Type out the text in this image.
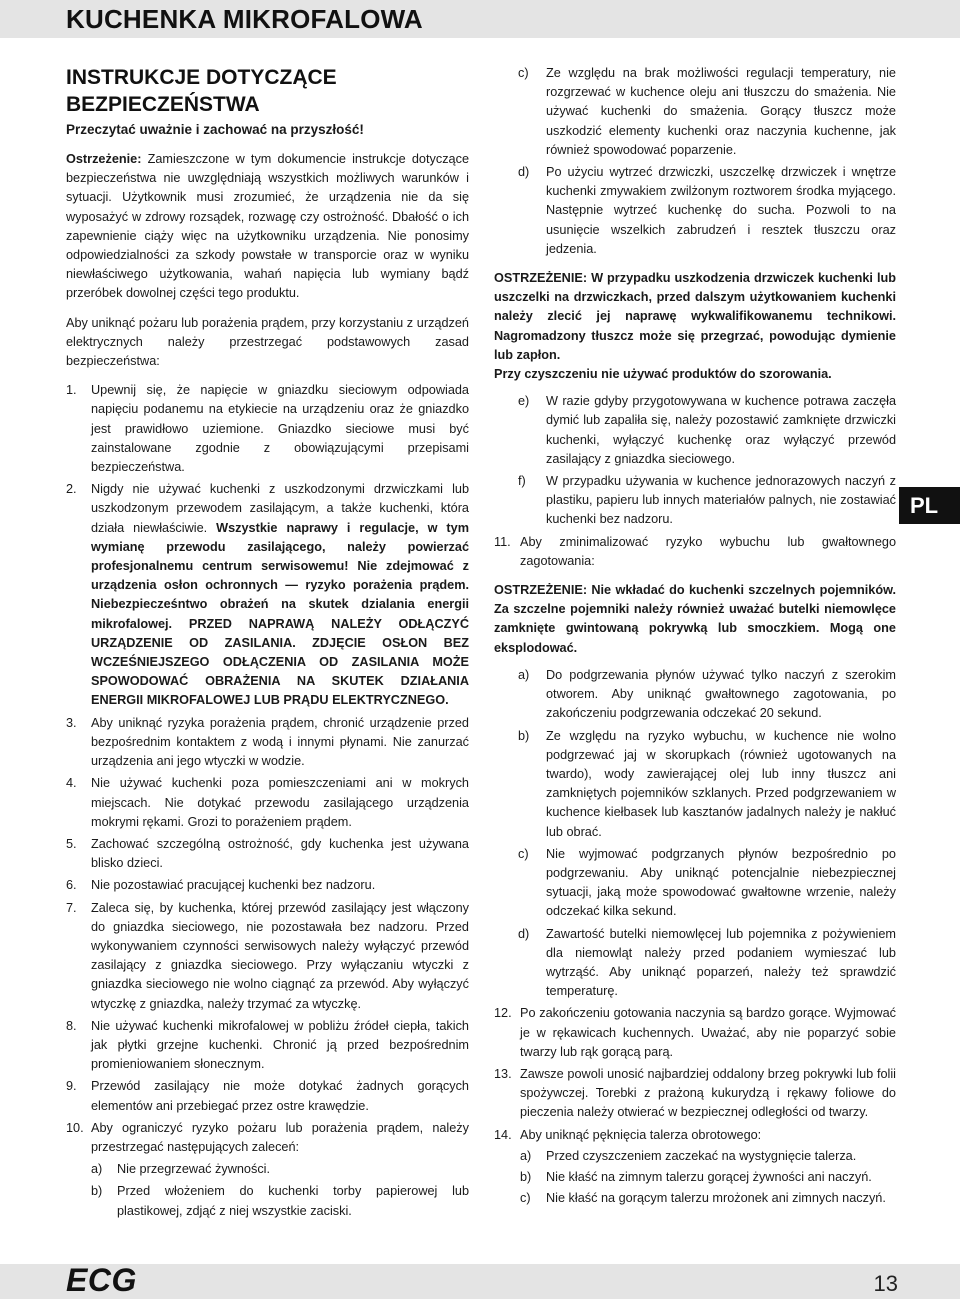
KUCHENKA MIKROFALOWA
PL
INSTRUKCJE DOTYCZĄCE
BEZPIECZEŃSTWA
Przeczytać uważnie i zachować na przyszłość!
Ostrzeżenie: Zamieszczone w tym dokumencie instrukcje dotyczące bezpieczeństwa nie uwzględniają wszystkich możliwych warunków i sytuacji. Użytkownik musi zrozumieć, że urządzenia nie da się wyposażyć w zdrowy rozsądek, rozwagę czy ostrożność. Dbałość o ich zapewnienie ciąży więc na użytkowniku urządzenia. Nie ponosimy odpowiedzialności za szkody powstałe w transporcie oraz w wyniku niewłaściwego użytkowania, wahań napięcia lub wymiany bądź przeróbek dowolnej części tego produktu.
Aby uniknąć pożaru lub porażenia prądem, przy korzystaniu z urządzeń elektrycznych należy przestrzegać podstawowych zasad bezpieczeństwa:
1.	Upewnij się, że napięcie w gniazdku sieciowym odpowiada napięciu podanemu na etykiecie na urządzeniu oraz że gniazdko jest prawidłowo uziemione. Gniazdko sieciowe musi być zainstalowane zgodnie z obowiązującymi przepisami bezpieczeństwa.
2.	Nigdy nie używać kuchenki z uszkodzonymi drzwiczkami lub uszkodzonym przewodem zasilającym, a także kuchenki, która działa niewłaściwie. Wszystkie naprawy i regulacje, w tym wymianę przewodu zasilającego, należy powierzać profesjonalnemu centrum serwisowemu! Nie zdejmować z urządzenia osłon ochronnych — ryzyko porażenia prądem. Niebezpiecześntwo obrażeń na skutek dzialania energii mikrofalowej. PRZED NAPRAWĄ NALEŻY ODŁĄCZYĆ URZĄDZENIE OD ZASILANIA. ZDJĘCIE OSŁON BEZ WCZEŚNIEJSZEGO ODŁĄCZENIA OD ZASILANIA MOŻE SPOWODOWAĆ OBRAŻENIA NA SKUTEK DZIAŁANIA ENERGII MIKROFALOWEJ LUB PRĄDU ELEKTRYCZNEGO.
3.	Aby uniknąć ryzyka porażenia prądem, chronić urządzenie przed bezpośrednim kontaktem z wodą i innymi płynami. Nie zanurzać urządzenia ani jego wtyczki w wodzie.
4.	Nie używać kuchenki poza pomieszczeniami ani w mokrych miejscach. Nie dotykać przewodu zasilającego urządzenia mokrymi rękami. Grozi to porażeniem prądem.
5.	Zachować szczególną ostrożność, gdy kuchenka jest używana blisko dzieci.
6.	Nie pozostawiać pracującej kuchenki bez nadzoru.
7.	Zaleca się, by kuchenka, której przewód zasilający jest włączony do gniazdka sieciowego, nie pozostawała bez nadzoru. Przed wykonywaniem czynności serwisowych należy wyłączyć przewód zasilający z gniazdka sieciowego. Przy wyłączaniu wtyczki z gniazdka sieciowego nie wolno ciągnąć za przewód. Aby wyłączyć wtyczkę z gniazdka, należy trzymać za wtyczkę.
8.	Nie używać kuchenki mikrofalowej w pobliżu źródeł ciepła, takich jak płytki grzejne kuchenki. Chronić ją przed bezpośrednim promieniowaniem słonecznym.
9.	Przewód zasilający nie może dotykać żadnych gorących elementów ani przebiegać przez ostre krawędzie.
10. Aby ograniczyć ryzyko pożaru lub porażenia prądem, należy przestrzegać następujących zaleceń:
a)	Nie przegrzewać żywności.
b)	Przed włożeniem do kuchenki torby papierowej lub plastikowej, zdjąć z niej wszystkie zaciski.
c)	Ze względu na brak możliwości regulacji temperatury, nie rozgrzewać w kuchence oleju ani tłuszczu do smażenia. Nie używać kuchenki do smażenia. Gorący tłuszcz może uszkodzić elementy kuchenki oraz naczynia kuchenne, jak również spowodować poparzenie.
d)	Po użyciu wytrzeć drzwiczki, uszczelkę drzwiczek i wnętrze kuchenki zmywakiem zwilżonym roztworem środka myjącego. Następnie wytrzeć kuchenkę do sucha. Pozwoli to na usunięcie wszelkich zabrudzeń i resztek tłuszczu oraz jedzenia.
OSTRZEŻENIE: W przypadku uszkodzenia drzwiczek kuchenki lub uszczelki na drzwiczkach, przed dalszym użytkowaniem kuchenki należy zlecić jej naprawę wykwalifikowanemu technikowi. Nagromadzony tłuszcz może się przegrzać, powodując dymienie lub zapłon.
Przy czyszczeniu nie używać produktów do szorowania.
e)	W razie gdyby przygotowywana w kuchence potrawa zaczęła dymić lub zapaliła się, należy pozostawić zamknięte drzwiczki kuchenki, wyłączyć kuchenkę oraz wyłączyć przewód zasilający z gniazdka sieciowego.
f)	W przypadku używania w kuchence jednorazowych naczyń z plastiku, papieru lub innych materiałów palnych, nie zostawiać kuchenki bez nadzoru.
11. Aby zminimalizować ryzyko wybuchu lub gwałtownego zagotowania:
OSTRZEŻENIE: Nie wkładać do kuchenki szczelnych pojemników. Za szczelne pojemniki należy również uważać butelki niemowlęce zamknięte gwintowaną pokrywką lub smoczkiem. Mogą one eksplodować.
a)	Do podgrzewania płynów używać tylko naczyń z szerokim otworem. Aby uniknąć gwałtownego zagotowania, po zakończeniu podgrzewania odczekać 20 sekund.
b)	Ze względu na ryzyko wybuchu, w kuchence nie wolno podgrzewać jaj w skorupkach (również ugotowanych na twardo), wody zawierającej olej lub inny tłuszcz ani zamkniętych pojemników szklanych. Przed podgrzewaniem w kuchence kiełbasek lub kasztanów jadalnych należy je nakłuć lub obrać.
c)	Nie wyjmować podgrzanych płynów bezpośrednio po podgrzewaniu. Aby uniknąć potencjalnie niebezpiecznej sytuacji, jaką może spowodować gwałtowne wrzenie, należy odczekać kilka sekund.
d)	Zawartość butelki niemowlęcej lub pojemnika z pożywieniem dla niemowląt należy przed podaniem wymieszać lub wytrząść. Aby uniknąć poparzeń, należy też sprawdzić temperaturę.
12. Po zakończeniu gotowania naczynia są bardzo gorące. Wyjmować je w rękawicach kuchennych. Uważać, aby nie poparzyć sobie twarzy lub rąk gorącą parą.
13. Zawsze powoli unosić najbardziej oddalony brzeg pokrywki lub folii spożywczej. Torebki z prażoną kukurydzą i rękawy foliowe do pieczenia należy otwierać w bezpiecznej odległości od twarzy.
14. Aby uniknąć pęknięcia talerza obrotowego:
a)	Przed czyszczeniem zaczekać na wystygnięcie talerza.
b)	Nie kłaść na zimnym talerzu gorącej żywności ani naczyń.
c)	Nie kłaść na gorącym talerzu mrożonek ani zimnych naczyń.
ECG	13
